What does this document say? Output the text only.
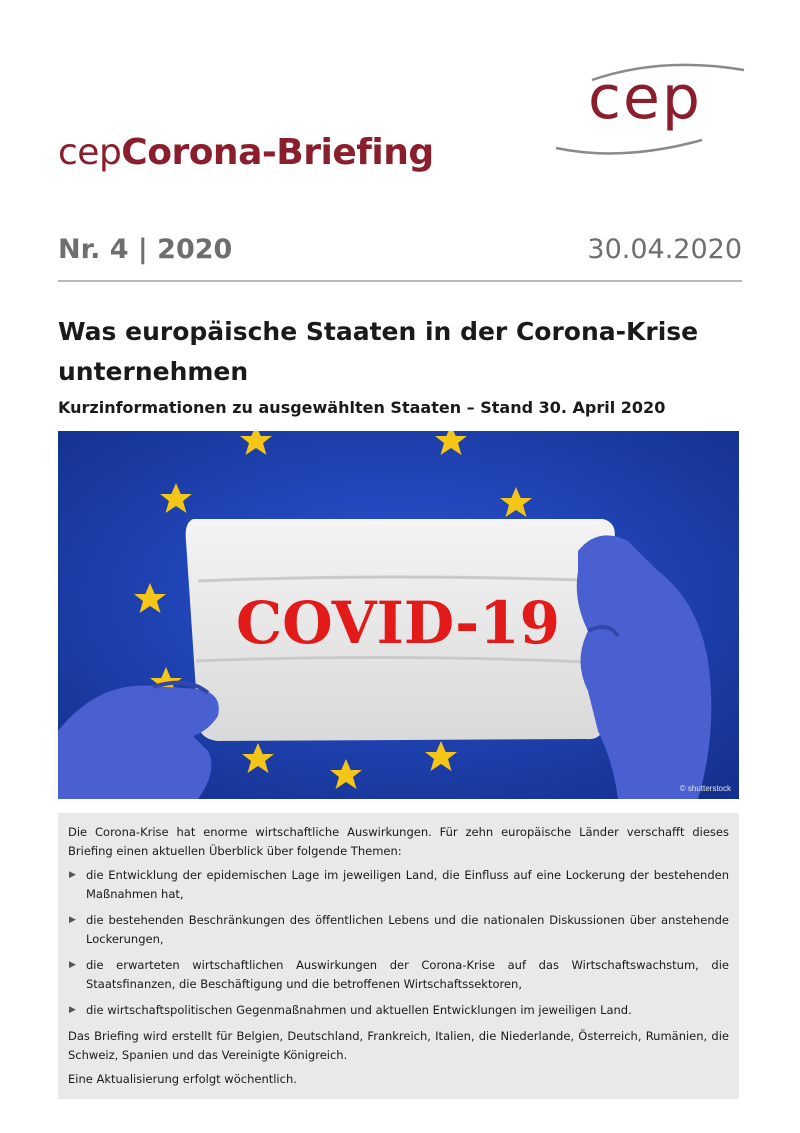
cep
cepCorona-Briefing
Nr. 4 | 2020	30.04.2020
Was europäische Staaten in der Corona-Krise unternehmen
Kurzinformationen zu ausgewählten Staaten – Stand 30. April 2020
COVID-19
© shutterstock

Die Corona-Krise hat enorme wirtschaftliche Auswirkungen. Für zehn europäische Länder verschafft dieses Briefing einen aktuellen Überblick über folgende Themen:

▶ die Entwicklung der epidemischen Lage im jeweiligen Land, die Einfluss auf eine Lockerung der bestehenden Maßnahmen hat,
▶ die bestehenden Beschränkungen des öffentlichen Lebens und die nationalen Diskussionen über anstehende Lockerungen,
▶ die erwarteten wirtschaftlichen Auswirkungen der Corona-Krise auf das Wirtschaftswachstum, die Staatsfinanzen, die Beschäftigung und die betroffenen Wirtschaftssektoren,
▶ die wirtschaftspolitischen Gegenmaßnahmen und aktuellen Entwicklungen im jeweiligen Land.

Das Briefing wird erstellt für Belgien, Deutschland, Frankreich, Italien, die Niederlande, Österreich, Rumänien, die Schweiz, Spanien und das Vereinigte Königreich.

Eine Aktualisierung erfolgt wöchentlich.
